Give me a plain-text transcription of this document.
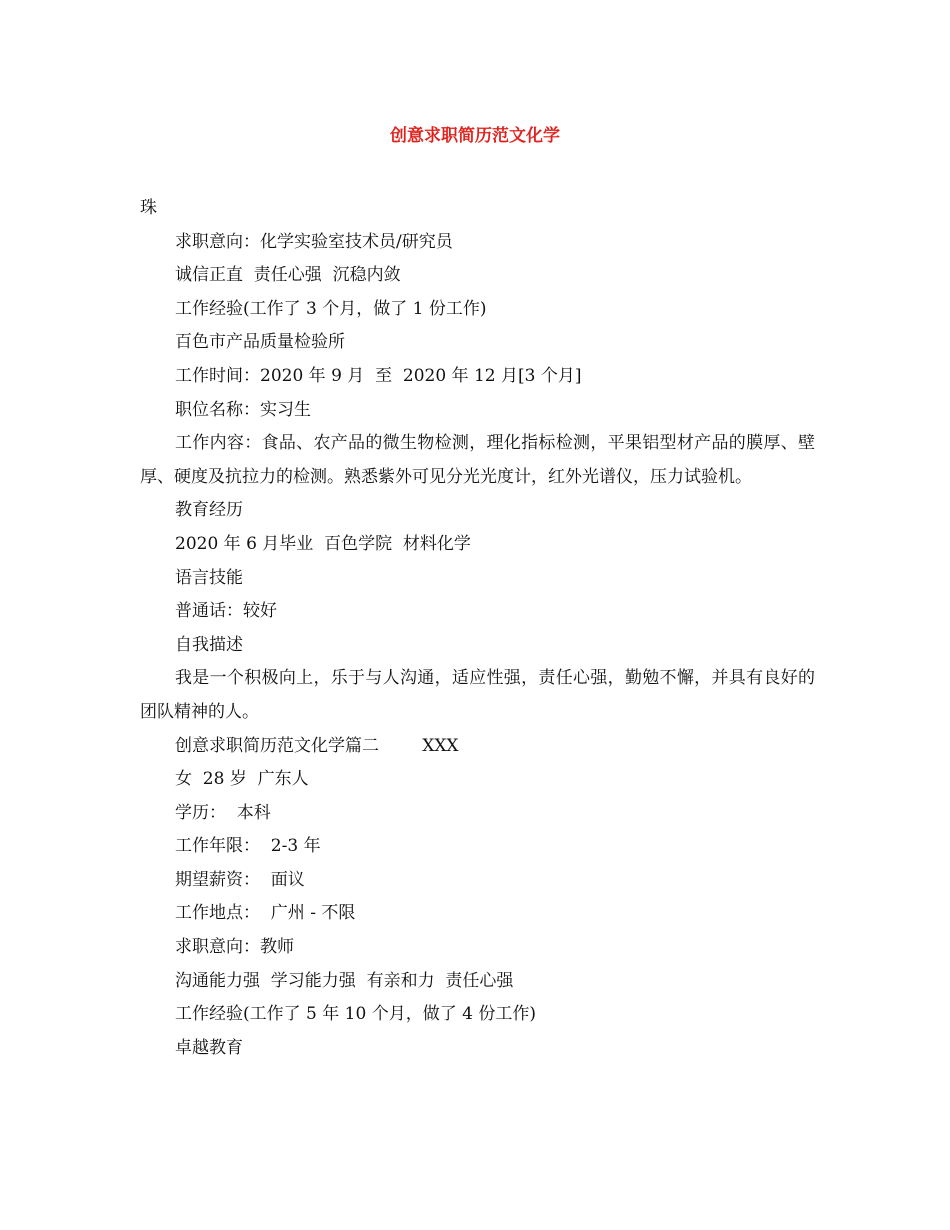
创意求职简历范文化学

珠

求职意向：化学实验室技术员/研究员

诚信正直  责任心强  沉稳内敛

工作经验(工作了 3 个月，做了 1 份工作)

百色市产品质量检验所

工作时间：2020 年 9 月  至  2020 年 12 月[3 个月]

职位名称：实习生

工作内容：食品、农产品的微生物检测，理化指标检测，平果铝型材产品的膜厚、壁厚、硬度及抗拉力的检测。熟悉紫外可见分光光度计，红外光谱仪，压力试验机。

教育经历

2020 年 6 月毕业  百色学院  材料化学

语言技能

普通话：较好

自我描述

我是一个积极向上，乐于与人沟通，适应性强，责任心强，勤勉不懈，并具有良好的团队精神的人。

创意求职简历范文化学篇二        XXX

女  28 岁  广东人

学历：  本科

工作年限：  2-3 年

期望薪资：  面议

工作地点：  广州 - 不限

求职意向：教师

沟通能力强  学习能力强  有亲和力  责任心强

工作经验(工作了 5 年 10 个月，做了 4 份工作)

卓越教育
